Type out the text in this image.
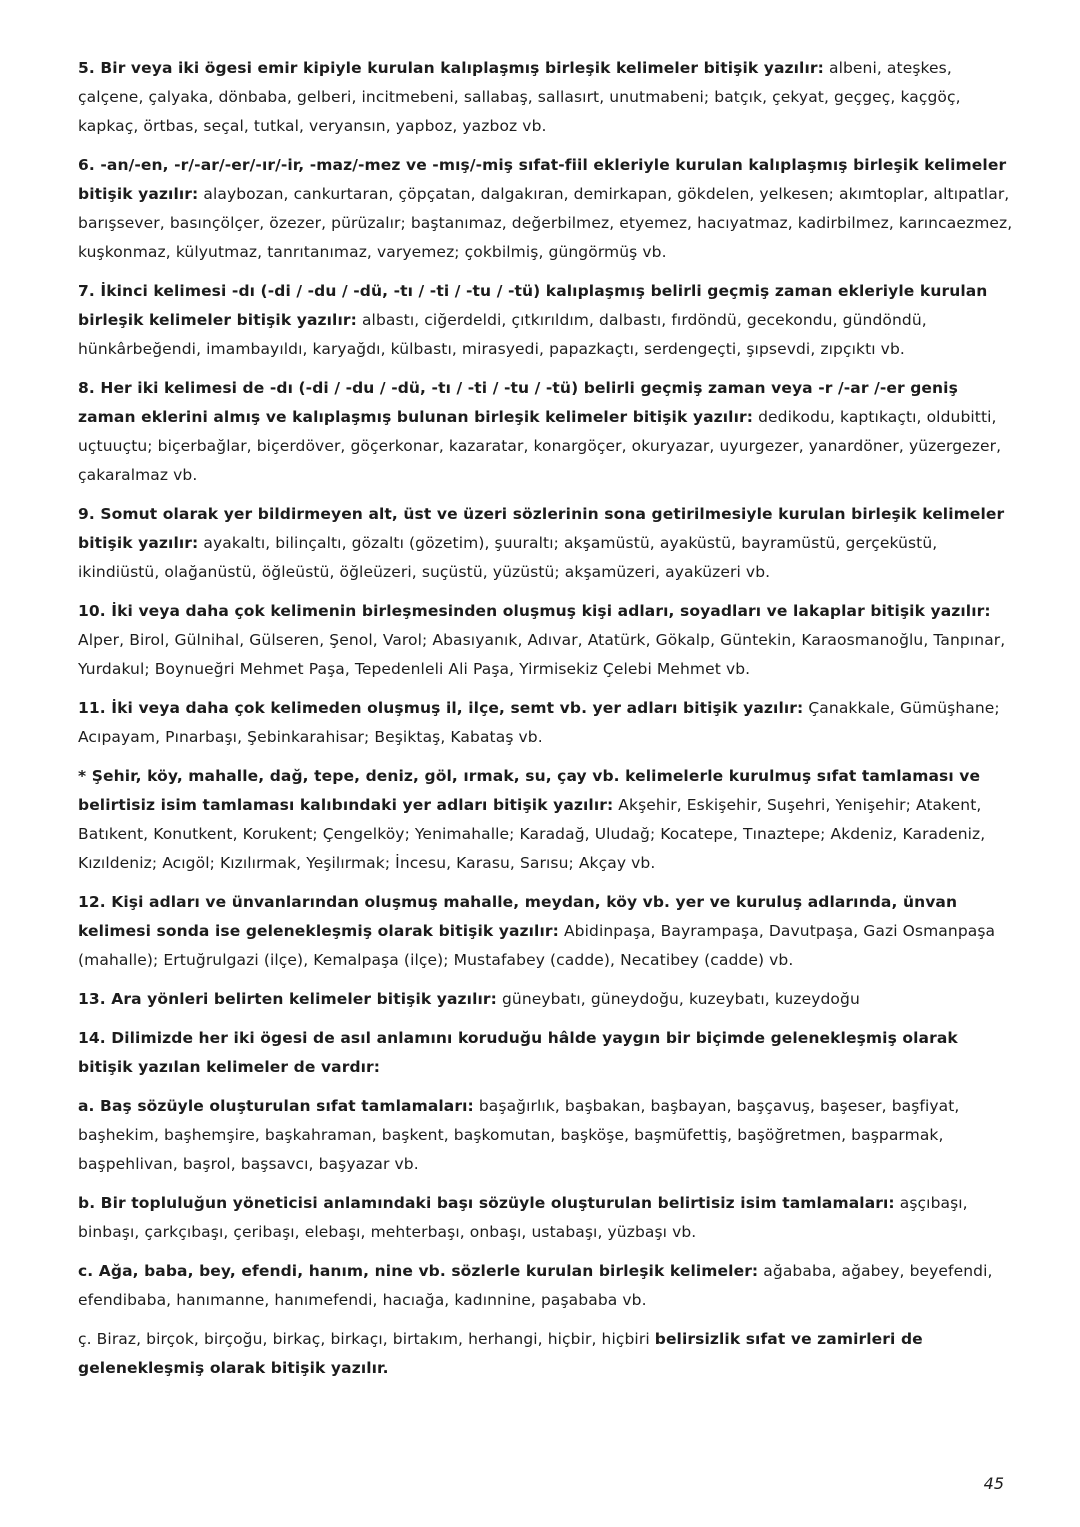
5. Bir veya iki ögesi emir kipiyle kurulan kalıplaşmış birleşik kelimeler bitişik yazılır: albeni, ateşkes, çalçene, çalyaka, dönbaba, gelberi, incitmebeni, sallabaş, sallasırt, unutmabeni; batçık, çekyat, geçgeç, kaçgöç, kapkaç, örtbas, seçal, tutkal, veryansın, yapboz, yazboz vb.

6. -an/-en, -r/-ar/-er/-ır/-ir, -maz/-mez ve -mış/-miş sıfat-fiil ekleriyle kurulan kalıplaşmış birleşik kelimeler bitişik yazılır: alaybozan, cankurtaran, çöpçatan, dalgakıran, demirkapan, gökdelen, yelkesen; akımtoplar, altıpatlar, barışsever, basınçölçer, özezer, pürüzalır; baştanımaz, değerbilmez, etyemez, hacıyatmaz, kadirbilmez, karıncaezmez, kuşkonmaz, külyutmaz, tanrıtanımaz, varyemez; çokbilmiş, güngörmüş vb.

7. İkinci kelimesi -dı (-di / -du / -dü, -tı / -ti / -tu / -tü) kalıplaşmış belirli geçmiş zaman ekleriyle kurulan birleşik kelimeler bitişik yazılır: albastı, ciğerdeldi, çıtkırıldım, dalbastı, fırdöndü, gecekondu, gündöndü, hünkârbeğendi, imambayıldı, karyağdı, külbastı, mirasyedi, papazkaçtı, serdengeçti, şıpsevdi, zıpçıktı vb.

8. Her iki kelimesi de -dı (-di / -du / -dü, -tı / -ti / -tu / -tü) belirli geçmiş zaman veya -r /-ar /-er geniş zaman eklerini almış ve kalıplaşmış bulunan birleşik kelimeler bitişik yazılır: dedikodu, kaptıkaçtı, oldubitti, uçtuuçtu; biçerbağlar, biçerdöver, göçerkonar, kazaratar, konargöçer, okuryazar, uyurgezer, yanardöner, yüzergezer, çakaralmaz vb.

9. Somut olarak yer bildirmeyen alt, üst ve üzeri sözlerinin sona getirilmesiyle kurulan birleşik kelimeler bitişik yazılır: ayakaltı, bilinçaltı, gözaltı (gözetim), şuuraltı; akşamüstü, ayaküstü, bayramüstü, gerçeküstü, ikindiüstü, olağanüstü, öğleüstü, öğleüzeri, suçüstü, yüzüstü; akşamüzeri, ayaküzeri vb.

10. İki veya daha çok kelimenin birleşmesinden oluşmuş kişi adları, soyadları ve lakaplar bitişik yazılır: Alper, Birol, Gülnihal, Gülseren, Şenol, Varol; Abasıyanık, Adıvar, Atatürk, Gökalp, Güntekin, Karaosmanoğlu, Tanpınar, Yurdakul; Boynueğri Mehmet Paşa, Tepedenleli Ali Paşa, Yirmisekiz Çelebi Mehmet vb.

11. İki veya daha çok kelimeden oluşmuş il, ilçe, semt vb. yer adları bitişik yazılır: Çanakkale, Gümüşhane; Acıpayam, Pınarbaşı, Şebinkarahisar; Beşiktaş, Kabataş vb.

* Şehir, köy, mahalle, dağ, tepe, deniz, göl, ırmak, su, çay vb. kelimelerle kurulmuş sıfat tamlaması ve belirtisiz isim tamlaması kalıbındaki yer adları bitişik yazılır: Akşehir, Eskişehir, Suşehri, Yenişehir; Atakent, Batıkent, Konutkent, Korukent; Çengelköy; Yenimahalle; Karadağ, Uludağ; Kocatepe, Tınaztepe; Akdeniz, Karadeniz, Kızıldeniz; Acıgöl; Kızılırmak, Yeşilırmak; İncesu, Karasu, Sarısu; Akçay vb.

12. Kişi adları ve ünvanlarından oluşmuş mahalle, meydan, köy vb. yer ve kuruluş adlarında, ünvan kelimesi sonda ise gelenekleşmiş olarak bitişik yazılır: Abidinpaşa, Bayrampaşa, Davutpaşa, Gazi Osmanpaşa (mahalle); Ertuğrulgazi (ilçe), Kemalpaşa (ilçe); Mustafabey (cadde), Necatibey (cadde) vb.

13. Ara yönleri belirten kelimeler bitişik yazılır: güneybatı, güneydoğu, kuzeybatı, kuzeydoğu

14. Dilimizde her iki ögesi de asıl anlamını koruduğu hâlde yaygın bir biçimde gelenekleşmiş olarak bitişik yazılan kelimeler de vardır:

a. Baş sözüyle oluşturulan sıfat tamlamaları: başağırlık, başbakan, başbayan, başçavuş, başeser, başfiyat, başhekim, başhemşire, başkahraman, başkent, başkomutan, başköşe, başmüfettiş, başöğretmen, başparmak, başpehlivan, başrol, başsavcı, başyazar vb.

b. Bir topluluğun yöneticisi anlamındaki başı sözüyle oluşturulan belirtisiz isim tamlamaları: aşçıbaşı, binbaşı, çarkçıbaşı, çeribaşı, elebaşı, mehterbaşı, onbaşı, ustabaşı, yüzbaşı vb.

c. Ağa, baba, bey, efendi, hanım, nine vb. sözlerle kurulan birleşik kelimeler: ağababa, ağabey, beyefendi, efendibaba, hanımanne, hanımefendi, hacıağa, kadınnine, paşababa vb.

ç. Biraz, birçok, birçoğu, birkaç, birkaçı, birtakım, herhangi, hiçbir, hiçbiri belirsizlik sıfat ve zamirleri de gelenekleşmiş olarak bitişik yazılır.

45
